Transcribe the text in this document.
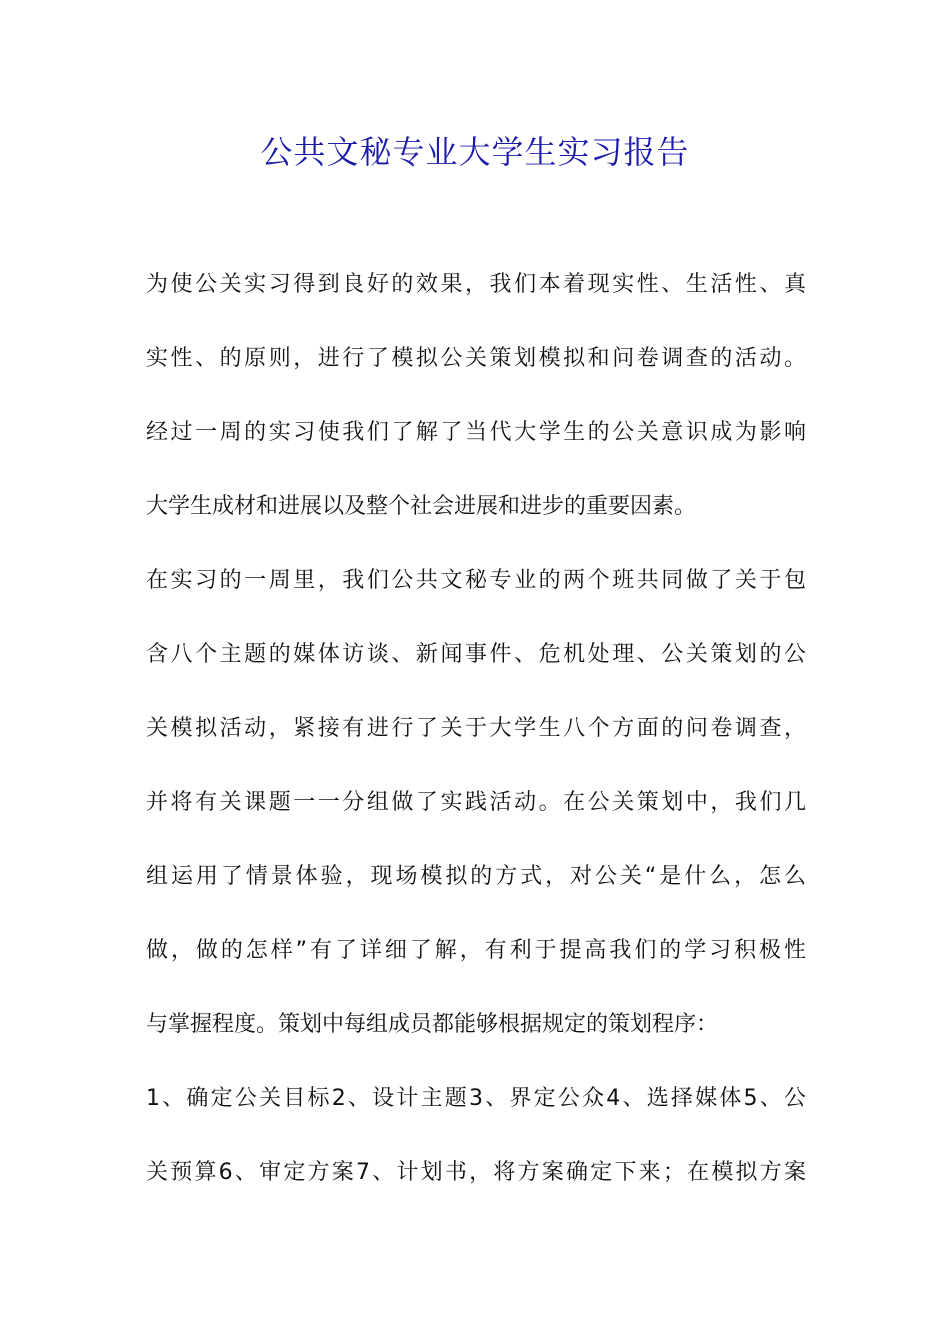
公共文秘专业大学生实习报告
为使公关实习得到良好的效果，我们本着现实性、生活性、真
实性、的原则，进行了模拟公关策划模拟和问卷调查的活动。
经过一周的实习使我们了解了当代大学生的公关意识成为影响
大学生成材和进展以及整个社会进展和进步的重要因素。
在实习的一周里，我们公共文秘专业的两个班共同做了关于包
含八个主题的媒体访谈、新闻事件、危机处理、公关策划的公
关模拟活动，紧接有进行了关于大学生八个方面的问卷调查，
并将有关课题一一分组做了实践活动。在公关策划中，我们几
组运用了情景体验，现场模拟的方式，对公关“是什么，怎么
做，做的怎样”有了详细了解，有利于提高我们的学习积极性
与掌握程度。策划中每组成员都能够根据规定的策划程序：
1、确定公关目标2、设计主题3、界定公众4、选择媒体5、公
关预算6、审定方案7、计划书，将方案确定下来；在模拟方案
